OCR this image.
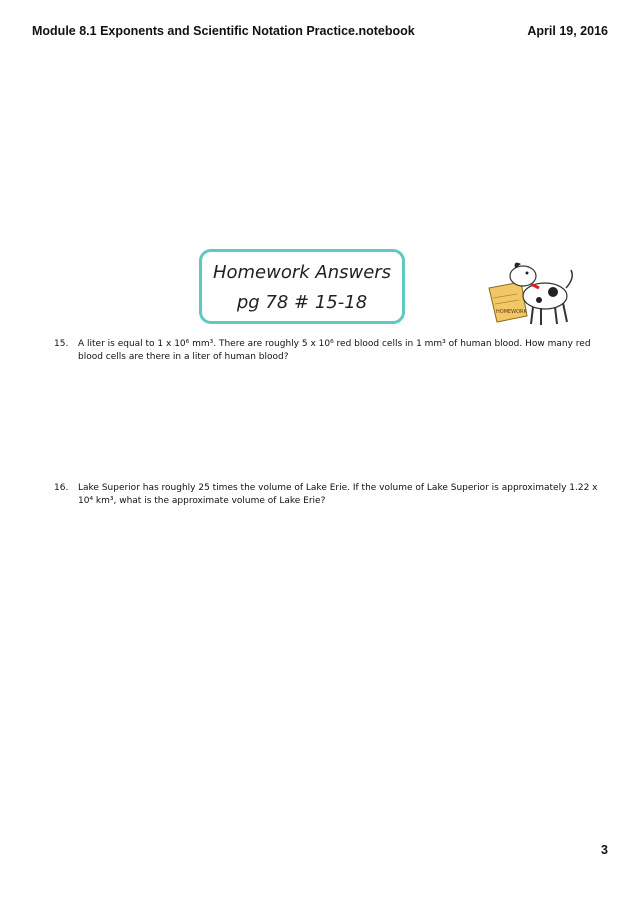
Module 8.1 Exponents and Scientific Notation Practice.notebook	April 19, 2016
Homework Answers
pg 78 # 15-18	HOMEWORK
15. A liter is equal to 1 x 10⁶ mm³. There are roughly 5 x 10⁶ red blood cells in 1 mm³ of human blood. How many red blood cells are there in a liter of human blood?
16. Lake Superior has roughly 25 times the volume of Lake Erie. If the volume of Lake Superior is approximately 1.22 x 10⁴ km³, what is the approximate volume of Lake Erie?
3
